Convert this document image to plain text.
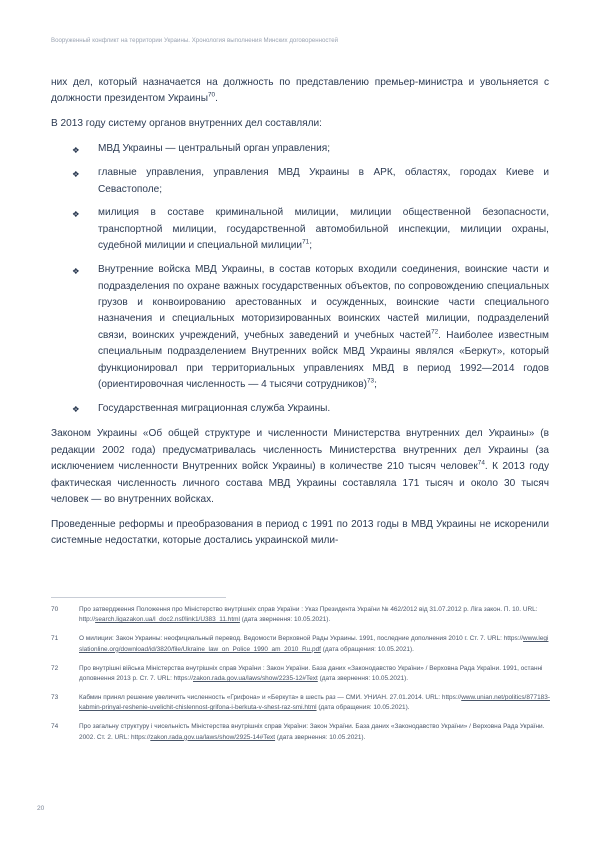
Вооруженный конфликт на территории Украины. Хронология выполнения Минских договоренностей

них дел, который назначается на должность по представлению премьер-министра и увольняется с должности президентом Украины$^{70}$.

В 2013 году систему органов внутренних дел составляли:

❖ МВД Украины — центральный орган управления;
❖ главные управления, управления МВД Украины в АРК, областях, городах Киеве и Севастополе;
❖ милиция в составе криминальной милиции, милиции общественной безопасности, транспортной милиции, государственной автомобильной инспекции, милиции охраны, судебной милиции и специальной милиции$^{71}$;
❖ Внутренние войска МВД Украины, в состав которых входили соединения, воинские части и подразделения по охране важных государственных объектов, по сопровождению специальных грузов и конвоированию арестованных и осужденных, воинские части специального назначения и специальных моторизированных воинских частей милиции, подразделений связи, воинских учреждений, учебных заведений и учебных частей$^{72}$. Наиболее известным специальным подразделением Внутренних войск МВД Украины являлся «Беркут», который функционировал при территориальных управлениях МВД в период 1992—2014 годов (ориентировочная численность — 4 тысячи сотрудников)$^{73}$;
❖ Государственная миграционная служба Украины.

Законом Украины «Об общей структуре и численности Министерства внутренних дел Украины» (в редакции 2002 года) предусматривалась численность Министерства внутренних дел Украины (за исключением численности Внутренних войск Украины) в количестве 210 тысяч человек$^{74}$. К 2013 году фактическая численность личного состава МВД Украины составляла 171 тысяч и около 30 тысяч человек — во внутренних войсках.

Проведенные реформы и преобразования в период с 1991 по 2013 годы в МВД Украины не искоренили системные недостатки, которые достались украинской мили-

70	Про затвердження Положення про Міністерство внутрішніх справ України : Указ Президента України № 462/2012 від 31.07.2012 р. Ліга закон. П. 10. URL: http://search.ligazakon.ua/l_doc2.nsf/link1/U383_11.html (дата звернення: 10.05.2021).
71	О милиции: Закон Украины: неофициальный перевод. Ведомости Верховной Рады Украины. 1991, последние дополнения 2010 г. Ст. 7. URL: https://www.legislationline.org/download/id/3820/file/Ukraine_law_on_Police_1990_am_2010_Ru.pdf (дата обращения: 10.05.2021).
72	Про внутрішні війська Міністерства внутрішніх справ України : Закон України. База даних «Законодавство України» / Верховна Рада України. 1991, останні доповнення 2013 р. Ст. 7. URL: https://zakon.rada.gov.ua/laws/show/2235-12#Text (дата звернення: 10.05.2021).
73	Кабмин принял решение увеличить численность «Грифона» и «Беркута» в шесть раз — СМИ. УНИАН. 27.01.2014. URL: https://www.unian.net/politics/877183-kabmin-prinyal-reshenie-uvelichit-chislennost-grifona-i-berkuta-v-shest-raz-smi.html (дата обращения: 10.05.2021).
74	Про загальну структуру і чисельність Міністерства внутрішніх справ України: Закон України. База даних «Законодавство України» / Верховна Рада України. 2002. Ст. 2. URL: https://zakon.rada.gov.ua/laws/show/2925-14#Text (дата звернення: 10.05.2021).
20
